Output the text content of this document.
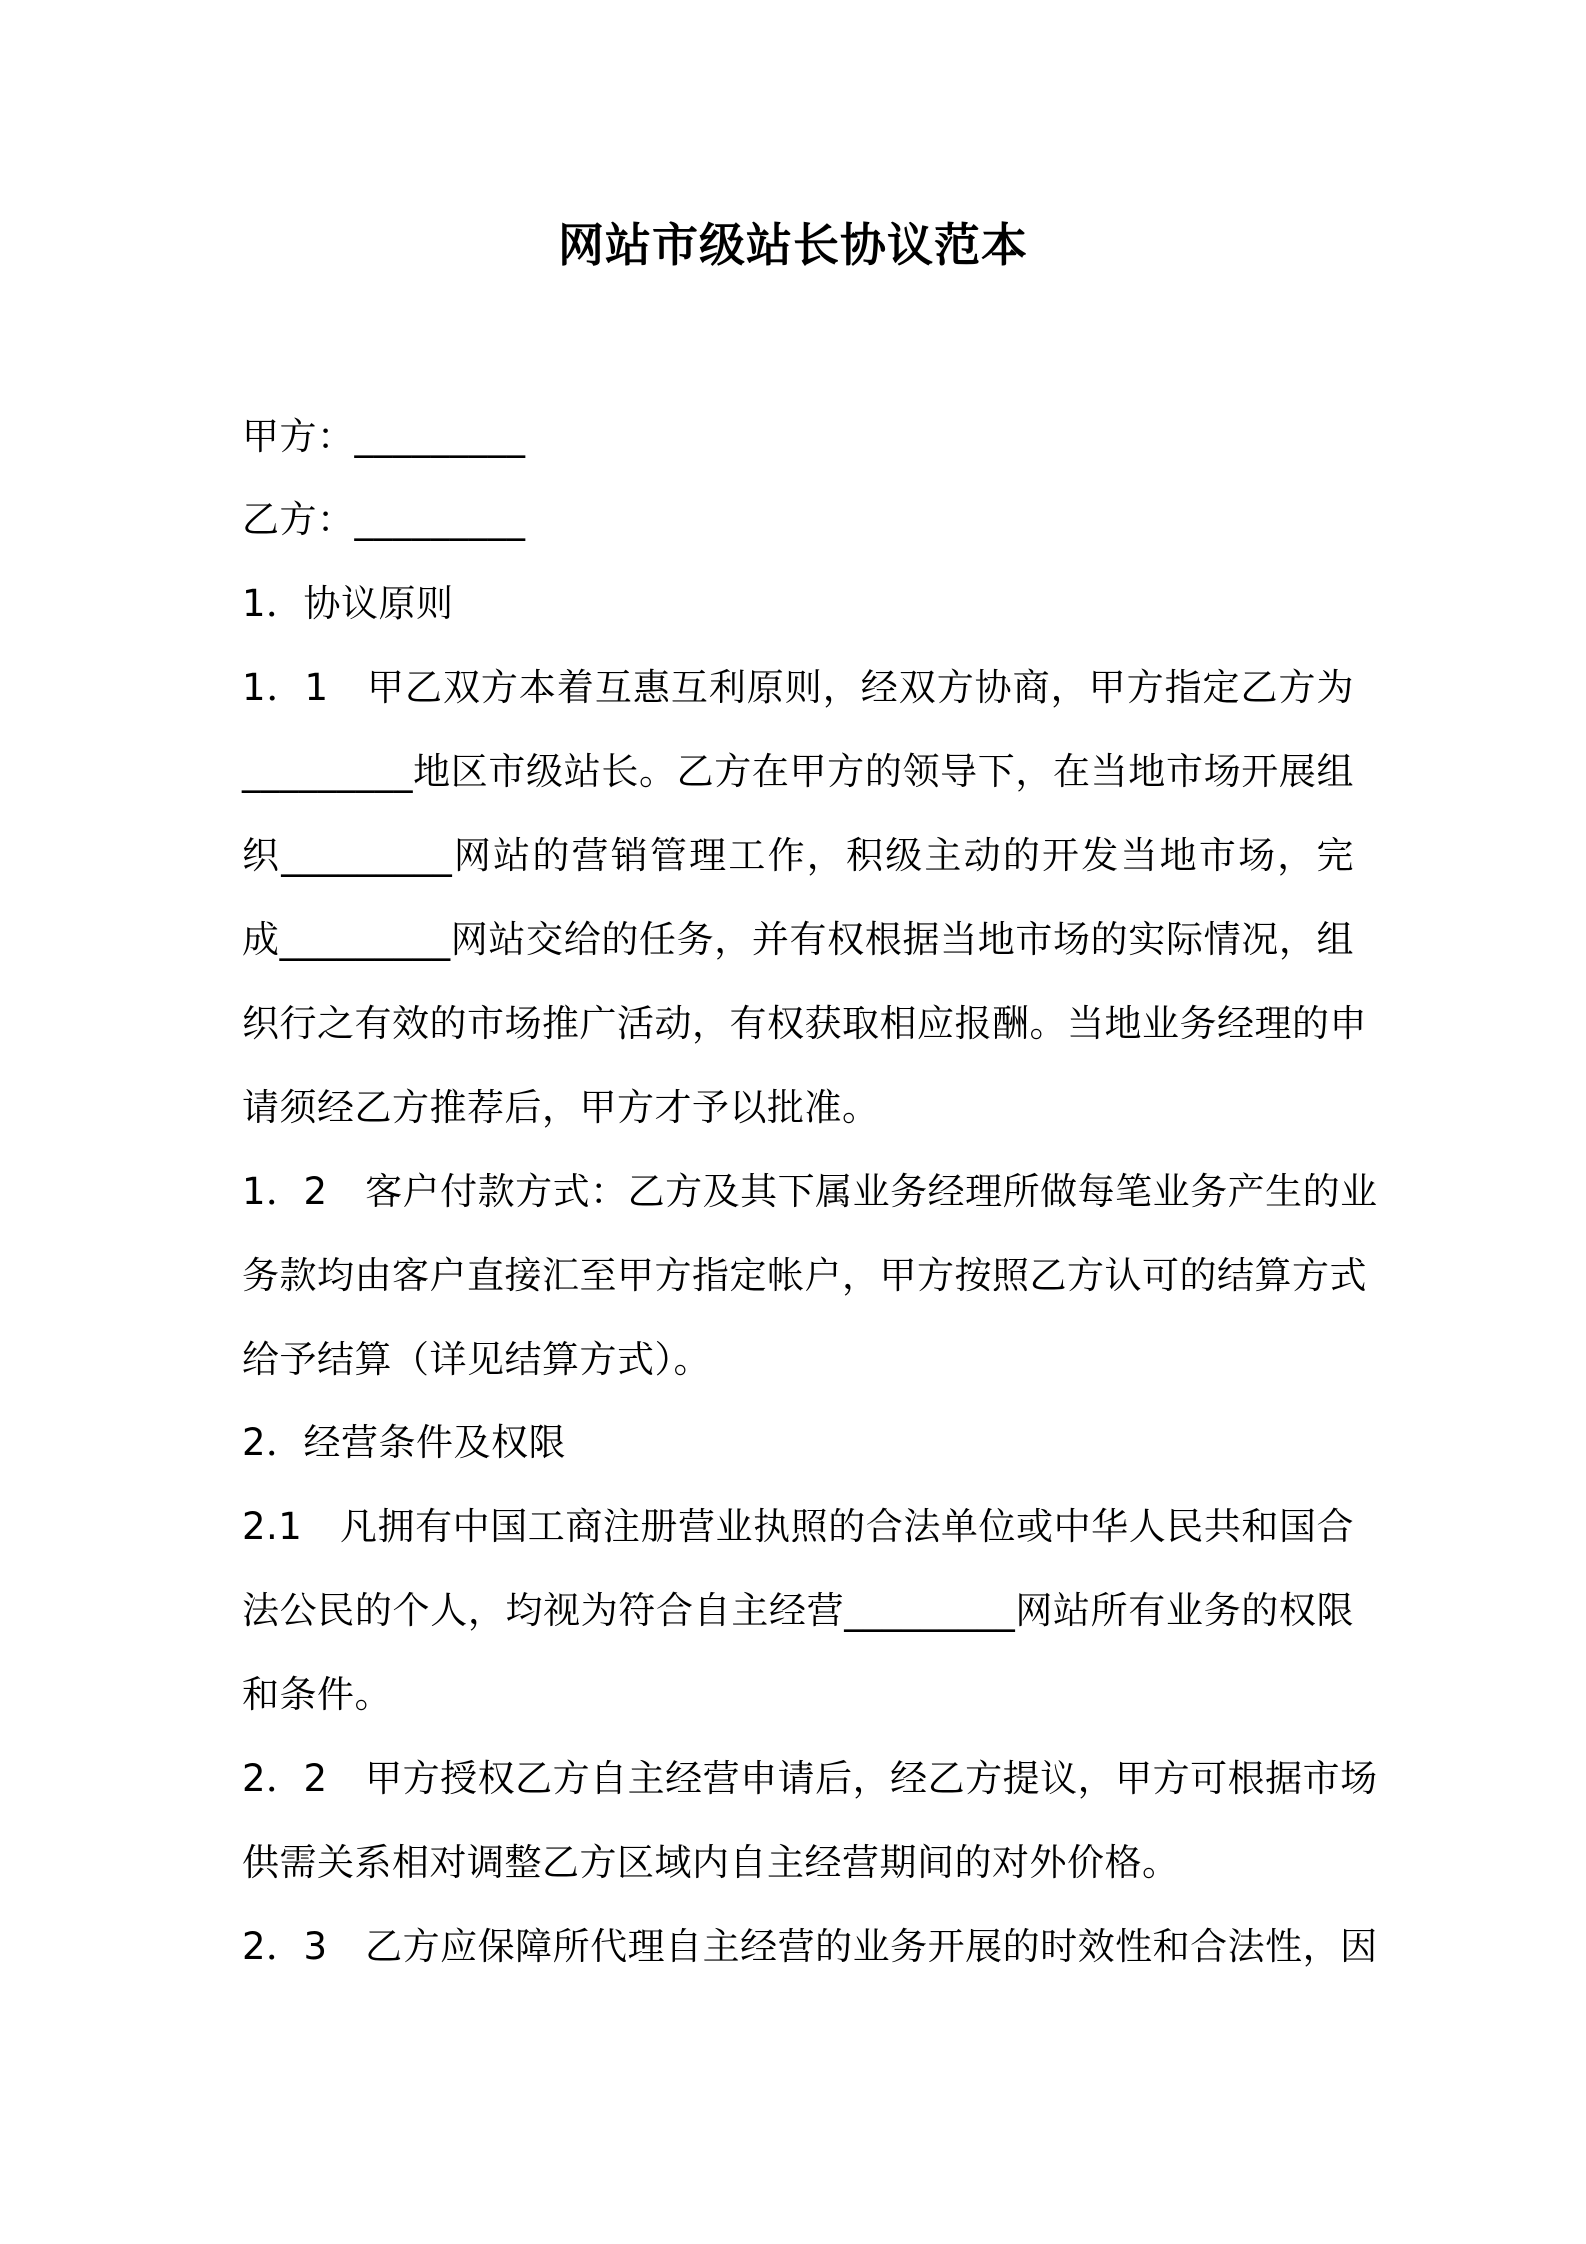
网站市级站长协议范本
甲方：_________
乙方：_________
1．协议原则
1．1　甲乙双方本着互惠互利原则，经双方协商，甲方指定乙方为
_________地区市级站长。乙方在甲方的领导下，在当地市场开展组
织_________网站的营销管理工作，积级主动的开发当地市场，完
成_________网站交给的任务，并有权根据当地市场的实际情况，组
织行之有效的市场推广活动，有权获取相应报酬。当地业务经理的申
请须经乙方推荐后，甲方才予以批准。
1．2　客户付款方式：乙方及其下属业务经理所做每笔业务产生的业
务款均由客户直接汇至甲方指定帐户，甲方按照乙方认可的结算方式
给予结算（详见结算方式）。
2．经营条件及权限
2.1　凡拥有中国工商注册营业执照的合法单位或中华人民共和国合
法公民的个人，均视为符合自主经营_________网站所有业务的权限
和条件。
2．2　甲方授权乙方自主经营申请后，经乙方提议，甲方可根据市场
供需关系相对调整乙方区域内自主经营期间的对外价格。
2．3　乙方应保障所代理自主经营的业务开展的时效性和合法性，因
